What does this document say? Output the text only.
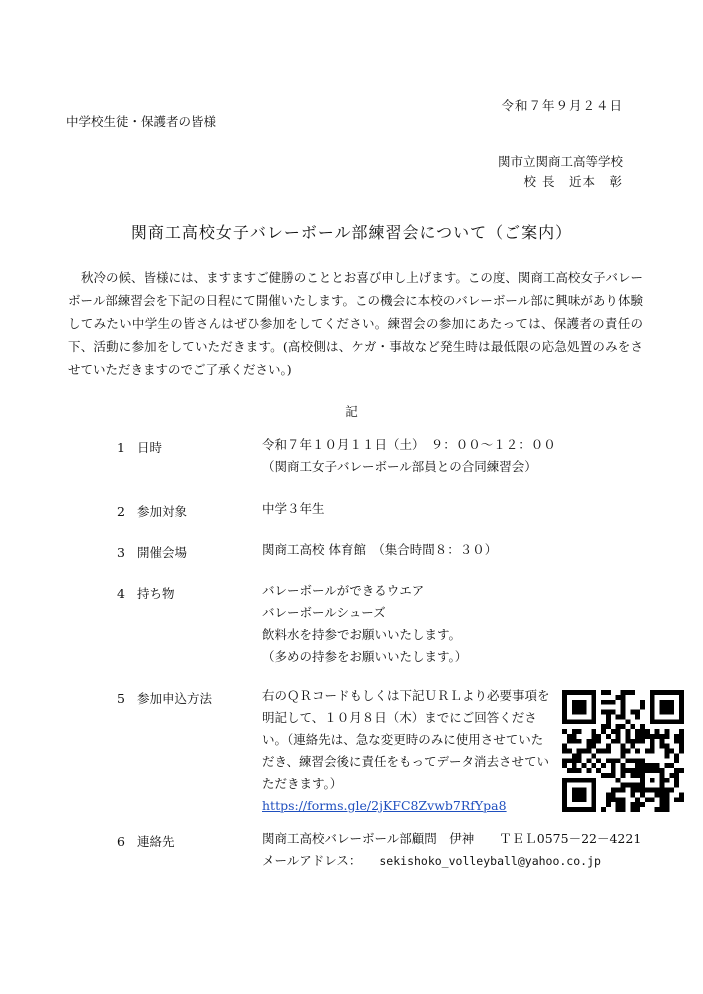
令和７年９月２４日
中学校生徒・保護者の皆様
関市立関商工高等学校
校 長　近本　彰
関商工高校女子バレーボール部練習会について（ご案内）
秋冷の候、皆様には、ますますご健勝のこととお喜び申し上げます。この度、関商工高校女子バレーボール部練習会を下記の日程にて開催いたします。この機会に本校のバレーボール部に興味があり体験してみたい中学生の皆さんはぜひ参加をしてください。練習会の参加にあたっては、保護者の責任の下、活動に参加をしていただきます。(高校側は、ケガ・事故など発生時は最低限の応急処置のみをさせていただきますのでご了承ください。)
記
1 日時	令和７年１０月１１日（土）　９：００～１２：００
（関商工女子バレーボール部員との合同練習会）
2 参加対象	中学３年生
3 開催会場	関商工高校 体育館　（集合時間８：３０）
4 持ち物	バレーボールができるウエア
バレーボールシューズ
飲料水を持参でお願いいたします。
（多めの持参をお願いいたします。）
5 参加申込方法	右のＱＲコードもしくは下記ＵＲＬより必要事項を明記して、１０月８日（木）までにご回答ください。（連絡先は、急な変更時のみに使用させていただき、練習会後に責任をもってデータ消去させていただきます。）
https://forms.gle/2jKFC8Zvwb7RfYpa8
6 連絡先	関商工高校バレーボール部顧問　伊神　　ＴＥＬ0575－22－4221
メールアドレス： sekishoko_volleyball@yahoo.co.jp
